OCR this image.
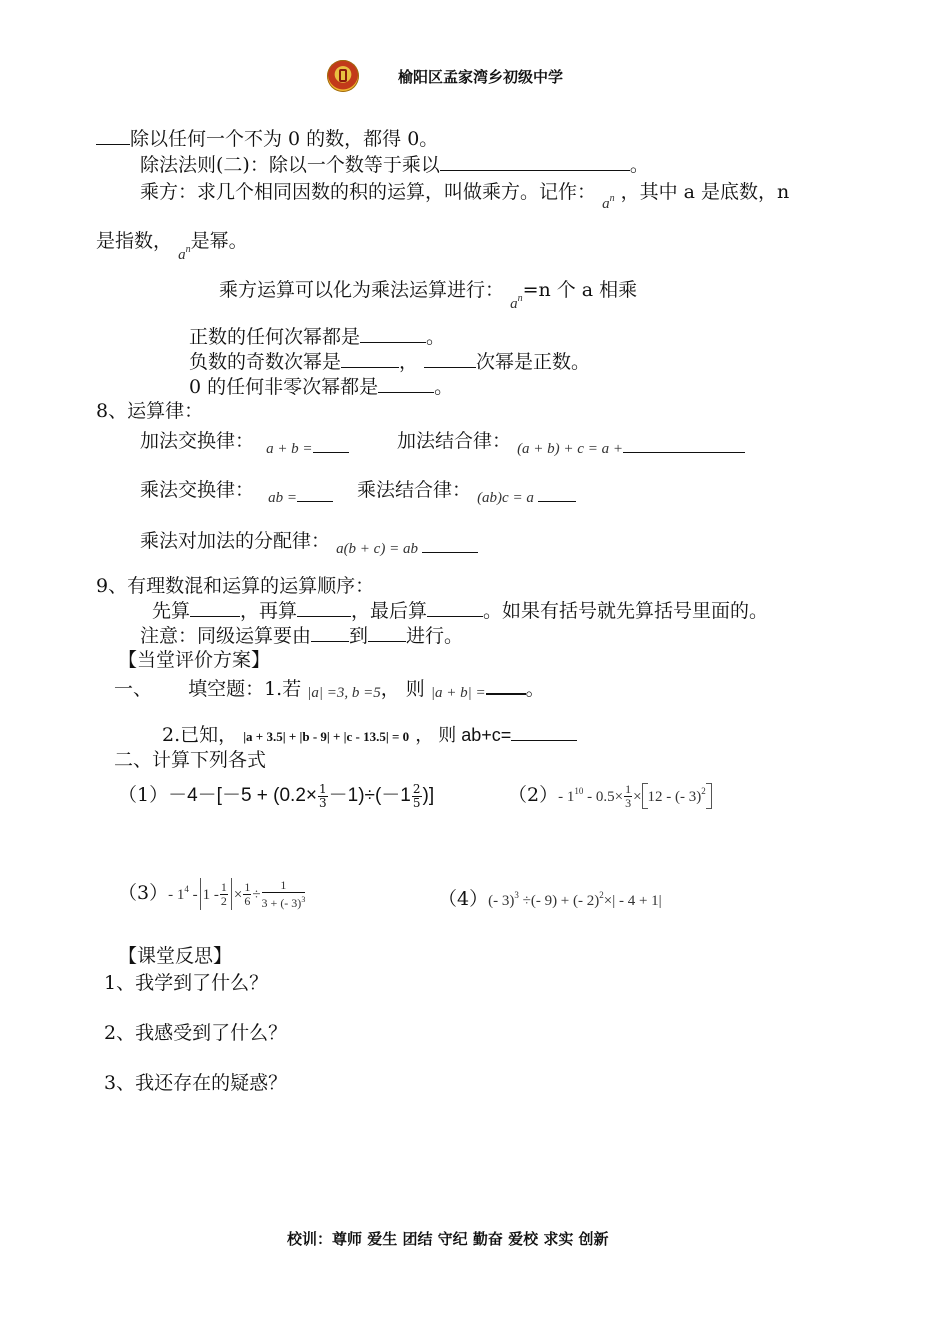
榆阳区孟家湾乡初级中学
除以任何一个不为 0 的数，都得 0。
除法法则(二)：除以一个数等于乘以	。
乘方：求几个相同因数的积的运算，叫做乘方。记作： $a^n$ ，其中 a 是底数，n
是指数， $a^n$是幂。
乘方运算可以化为乘法运算进行： $a^n=n$ 个 a 相乘
正数的任何次幂都是	。
负数的奇数次幂是	，	次幂是正数。
0 的任何非零次幂都是	。
8、运算律：
加法交换律： $_{a + b =}$	加法结合律： $_{(a + b) + c = a +}$
乘法交换律： $_{ab =}$	乘法结合律： $_{(ab)c = a}$
乘法对加法的分配律： $_{a(b + c) = ab}$
9、有理数混和运算的运算顺序：
先算	，再算	，最后算	。如果有括号就先算括号里面的。
注意：同级运算要由 到 进行。
【当堂评价方案】
一、 填空题：1.若 |a| =3, b =5， 则 |a + b| = 。
2.已知， |a + 3.5| + |b - 9| + |c - 13.5| = 0 ， 则 ab+c=
二、计算下列各式
$(1)-4-[-5 + (0.2\times \frac{1}{3} -1)\div(-1 \frac{2}{5}$ )]	（2）- $1^{10} - 0.5\times \frac{1}{3} \times 12$ - (- 3)$^2$
（3）- $1^4 - 1 - \frac{1}{2} \times \frac{1}{6} \div \frac{1}{3 + (- 3)^3}$	（4）(- 3)$^3$ ÷(- 9) + (- 2)$^2$×| - 4 + 1|
【课堂反思】
1、我学到了什么？
2、我感受到了什么？
3、我还存在的疑惑？
校训：尊师 爱生 团结 守纪 勤奋 爱校 求实 创新
